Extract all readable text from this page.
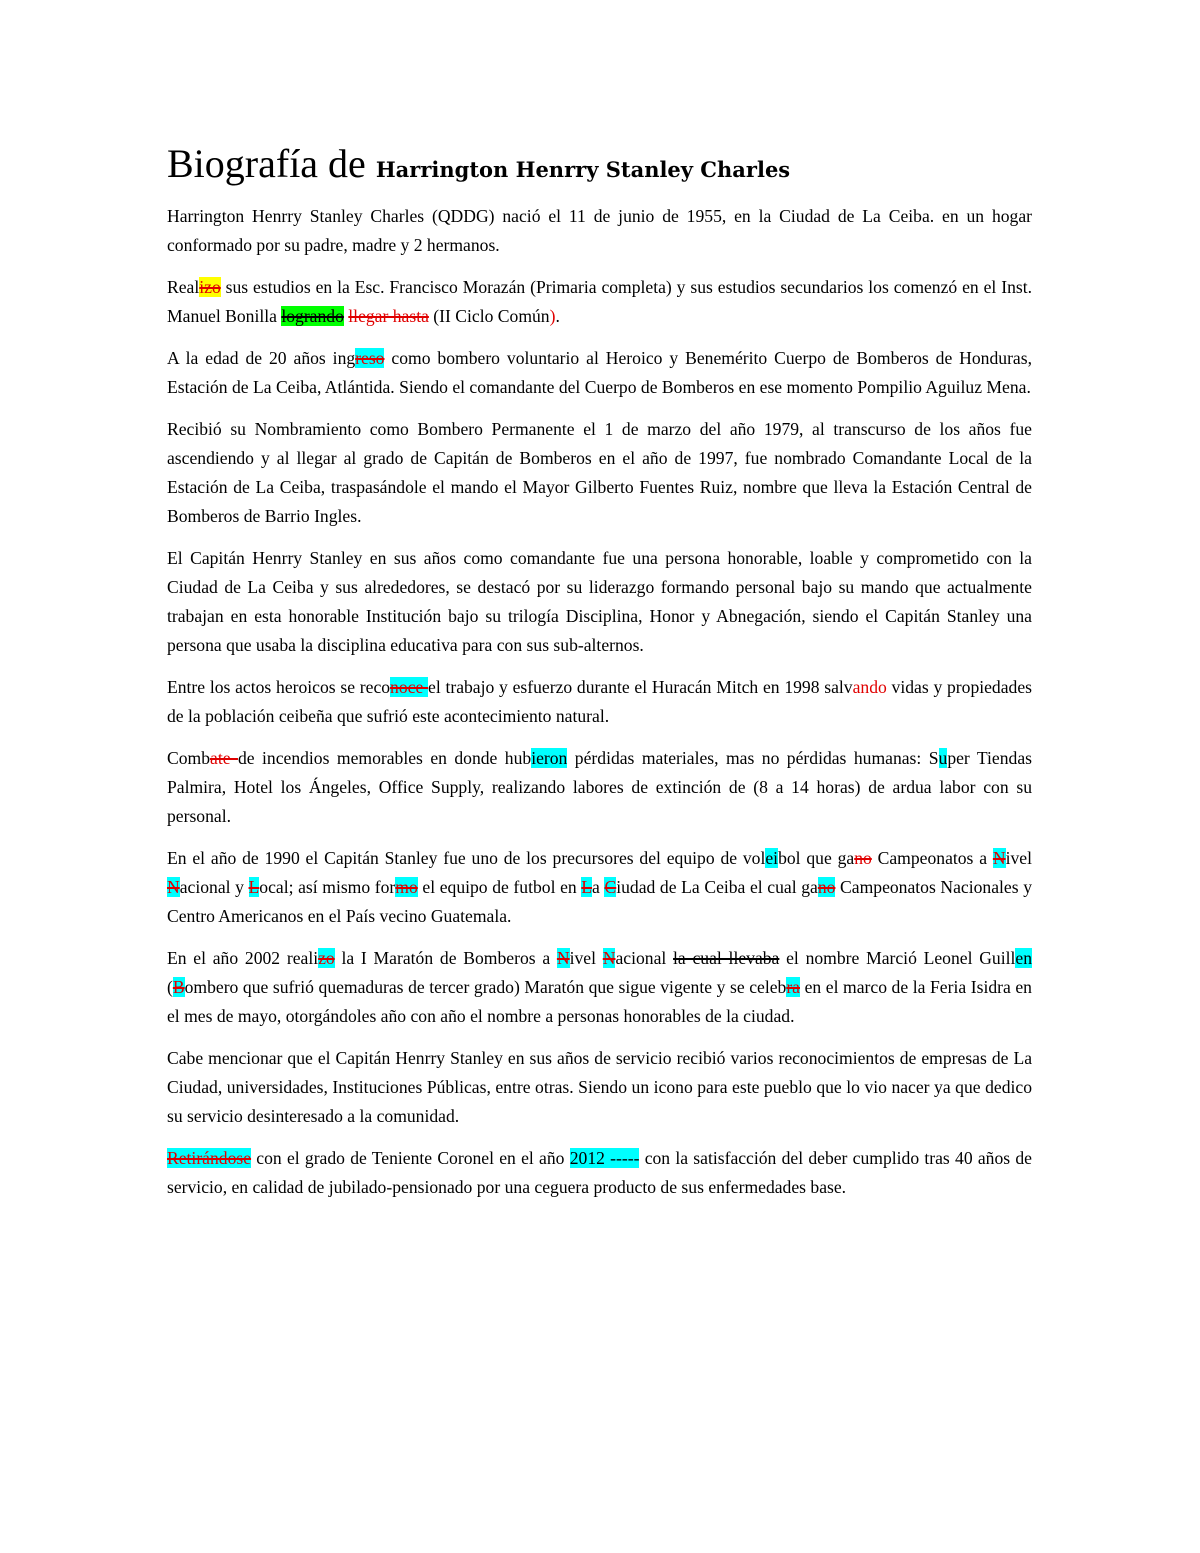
Biografía de Harrington Henrry Stanley Charles

Harrington Henrry Stanley Charles (QDDG) nació el 11 de junio de 1955, en la Ciudad de La Ceiba. en un hogar conformado por su padre, madre y 2 hermanos.

Realizo sus estudios en la Esc. Francisco Morazán (Primaria completa) y sus estudios secundarios los comenzó en el Inst. Manuel Bonilla logrando llegar hasta (II Ciclo Común).

A la edad de 20 años ingreso como bombero voluntario al Heroico y Benemérito Cuerpo de Bomberos de Honduras, Estación de La Ceiba, Atlántida. Siendo el comandante del Cuerpo de Bomberos en ese momento Pompilio Aguiluz Mena.

Recibió su Nombramiento como Bombero Permanente el 1 de marzo del año 1979, al transcurso de los años fue ascendiendo y al llegar al grado de Capitán de Bomberos en el año de 1997, fue nombrado Comandante Local de la Estación de La Ceiba, traspasándole el mando el Mayor Gilberto Fuentes Ruiz, nombre que lleva la Estación Central de Bomberos de Barrio Ingles.

El Capitán Henrry Stanley en sus años como comandante fue una persona honorable, loable y comprometido con la Ciudad de La Ceiba y sus alrededores, se destacó por su liderazgo formando personal bajo su mando que actualmente trabajan en esta honorable Institución bajo su trilogía Disciplina, Honor y Abnegación, siendo el Capitán Stanley una persona que usaba la disciplina educativa para con sus sub-alternos.

Entre los actos heroicos se reconoce el trabajo y esfuerzo durante el Huracán Mitch en 1998 salvando vidas y propiedades de la población ceibeña que sufrió este acontecimiento natural.

Combate de incendios memorables en donde hubieron pérdidas materiales, mas no pérdidas humanas: Super Tiendas Palmira, Hotel los Ángeles, Office Supply, realizando labores de extinción de (8 a 14 horas) de ardua labor con su personal.

En el año de 1990 el Capitán Stanley fue uno de los precursores del equipo de voleibol que gano Campeonatos a Nivel Nacional y Local; así mismo formo el equipo de futbol en La Ciudad de La Ceiba el cual gano Campeonatos Nacionales y Centro Americanos en el País vecino Guatemala.

En el año 2002 realizo la I Maratón de Bomberos a Nivel Nacional la cual llevaba el nombre Marció Leonel Guillen (Bombero que sufrió quemaduras de tercer grado) Maratón que sigue vigente y se celebra en el marco de la Feria Isidra en el mes de mayo, otorgándoles año con año el nombre a personas honorables de la ciudad.

Cabe mencionar que el Capitán Henrry Stanley en sus años de servicio recibió varios reconocimientos de empresas de La Ciudad, universidades, Instituciones Públicas, entre otras. Siendo un icono para este pueblo que lo vio nacer ya que dedico su servicio desinteresado a la comunidad.

Retirándose con el grado de Teniente Coronel en el año 2012 ----- con la satisfacción del deber cumplido tras 40 años de servicio, en calidad de jubilado-pensionado por una ceguera producto de sus enfermedades base.
